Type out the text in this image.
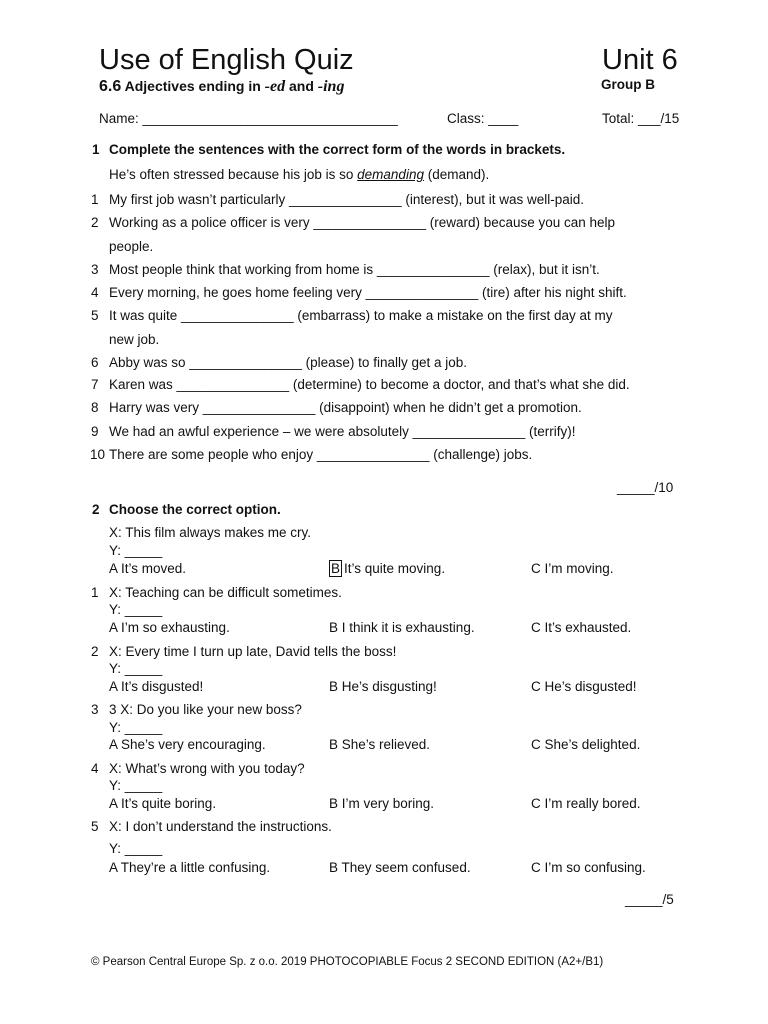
Use of English Quiz	Unit 6
6.6 Adjectives ending in -ed and -ing	Group B
Name: __________________________________	Class: ____	Total: ___/15
1 Complete the sentences with the correct form of the words in brackets.
He’s often stressed because his job is so demanding (demand).
1 My first job wasn’t particularly _______________ (interest), but it was well-paid.
2 Working as a police officer is very _______________ (reward) because you can help
people.
3 Most people think that working from home is _______________ (relax), but it isn’t.
4 Every morning, he goes home feeling very _______________ (tire) after his night shift.
5 It was quite _______________ (embarrass) to make a mistake on the first day at my
new job.
6 Abby was so _______________ (please) to finally get a job.
7 Karen was _______________ (determine) to become a doctor, and that’s what she did.
8 Harry was very _______________ (disappoint) when he didn’t get a promotion.
9 We had an awful experience – we were absolutely _______________ (terrify)!
10 There are some people who enjoy _______________ (challenge) jobs.
_____/10
2 Choose the correct option.
X: This film always makes me cry.
Y: _____
A It’s moved.	B It’s quite moving.	C I’m moving.
1 X: Teaching can be difficult sometimes.
Y: _____
A I’m so exhausting.	B I think it is exhausting.	C It’s exhausted.
2 X: Every time I turn up late, David tells the boss!
Y: _____
A It’s disgusted!	B He’s disgusting!	C He’s disgusted!
3 3 X: Do you like your new boss?
Y: _____
A She’s very encouraging.	B She’s relieved.	C She’s delighted.
4 X: What’s wrong with you today?
Y: _____
A It’s quite boring.	B I’m very boring.	C I’m really bored.
5 X: I don’t understand the instructions.
Y: _____
A They’re a little confusing.	B They seem confused.	C I’m so confusing.
_____/5
© Pearson Central Europe Sp. z o.o. 2019 PHOTOCOPIABLE Focus 2 SECOND EDITION (A2+/B1)
